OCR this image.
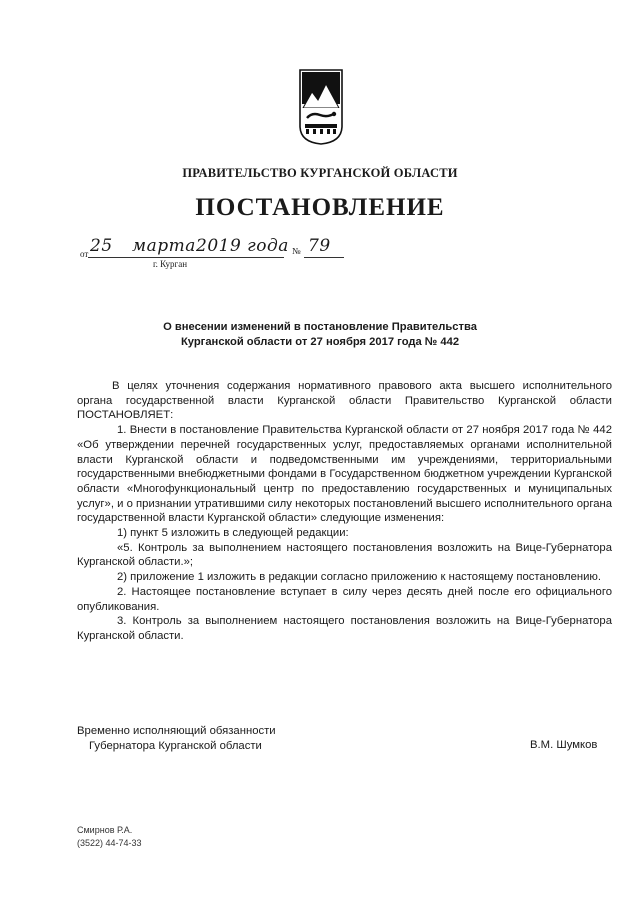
ПРАВИТЕЛЬСТВО КУРГАНСКОЙ ОБЛАСТИ
ПОСТАНОВЛЕНИЕ
от 25 марта 2019 года № 79
г. Курган
О внесении изменений в постановление Правительства
Курганской области от 27 ноября 2017 года № 442

В целях уточнения содержания нормативного правового акта высшего исполнительного органа государственной власти Курганской области Правительство Курганской области ПОСТАНОВЛЯЕТ:

1. Внести в постановление Правительства Курганской области от 27 ноября 2017 года № 442 «Об утверждении перечней государственных услуг, предоставляемых органами исполнительной власти Курганской области и подведомственными им учреждениями, территориальными государственными внебюджетными фондами в Государственном бюджетном учреждении Курганской области «Многофункциональный центр по предоставлению государственных и муниципальных услуг», и о признании утратившими силу некоторых постановлений высшего исполнительного органа государственной власти Курганской области» следующие изменения:

1) пункт 5 изложить в следующей редакции:

«5. Контроль за выполнением настоящего постановления возложить на Вице-Губернатора Курганской области.»;

2) приложение 1 изложить в редакции согласно приложению к настоящему постановлению.

2. Настоящее постановление вступает в силу через десять дней после его официального опубликования.

3. Контроль за выполнением настоящего постановления возложить на Вице-Губернатора Курганской области.

Временно исполняющий обязанности
Губернатора Курганской области	В.М. Шумков
Смирнов Р.А.
(3522) 44-74-33
